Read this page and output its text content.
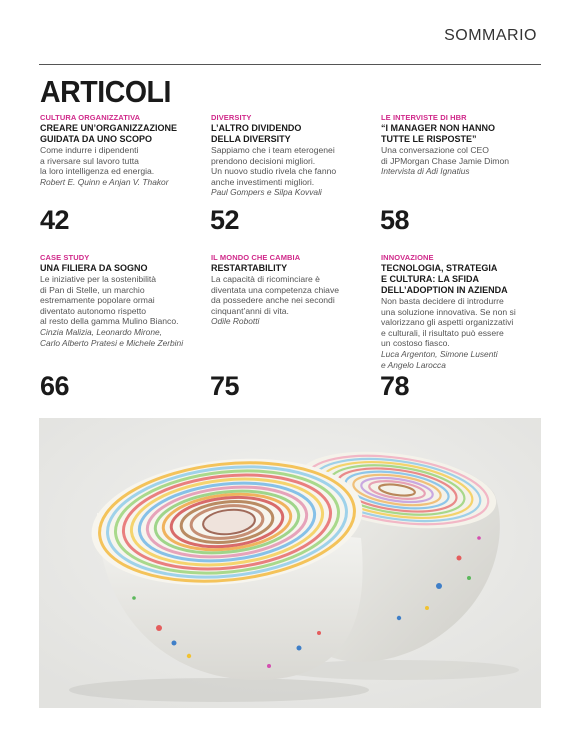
SOMMARIO
ARTICOLI
CULTURA ORGANIZZATIVA
CREARE UN’ORGANIZZAZIONE
GUIDATA DA UNO SCOPO
Come indurre i dipendenti
a riversare sul lavoro tutta
la loro intelligenza ed energia.
Robert E. Quinn e Anjan V. Thakor
42
DIVERSITY
L’ALTRO DIVIDENDO
DELLA DIVERSITY
Sappiamo che i team eterogenei
prendono decisioni migliori.
Un nuovo studio rivela che fanno
anche investimenti migliori.
Paul Gompers e Silpa Kovvali
52
LE INTERVISTE DI HBR
“I MANAGER NON HANNO
TUTTE LE RISPOSTE”
Una conversazione col CEO
di JPMorgan Chase Jamie Dimon
Intervista di Adi Ignatius
58
CASE STUDY
UNA FILIERA DA SOGNO
Le iniziative per la sostenibilità
di Pan di Stelle, un marchio
estremamente popolare ormai
diventato autonomo rispetto
al resto della gamma Mulino Bianco.
Cinzia Malizia, Leonardo Mirone,
Carlo Alberto Pratesi e Michele Zerbini
66
IL MONDO CHE CAMBIA
RESTARTABILITY
La capacità di ricominciare è
diventata una competenza chiave
da possedere anche nei secondi
cinquant’anni di vita.
Odile Robotti
75
INNOVAZIONE
TECNOLOGIA, STRATEGIA
E CULTURA: LA SFIDA
DELL’ADOPTION IN AZIENDA
Non basta decidere di introdurre
una soluzione innovativa. Se non si
valorizzano gli aspetti organizzativi
e culturali, il risultato può essere
un costoso fiasco.
Luca Argenton, Simone Lusenti
e Angelo Larocca
78
